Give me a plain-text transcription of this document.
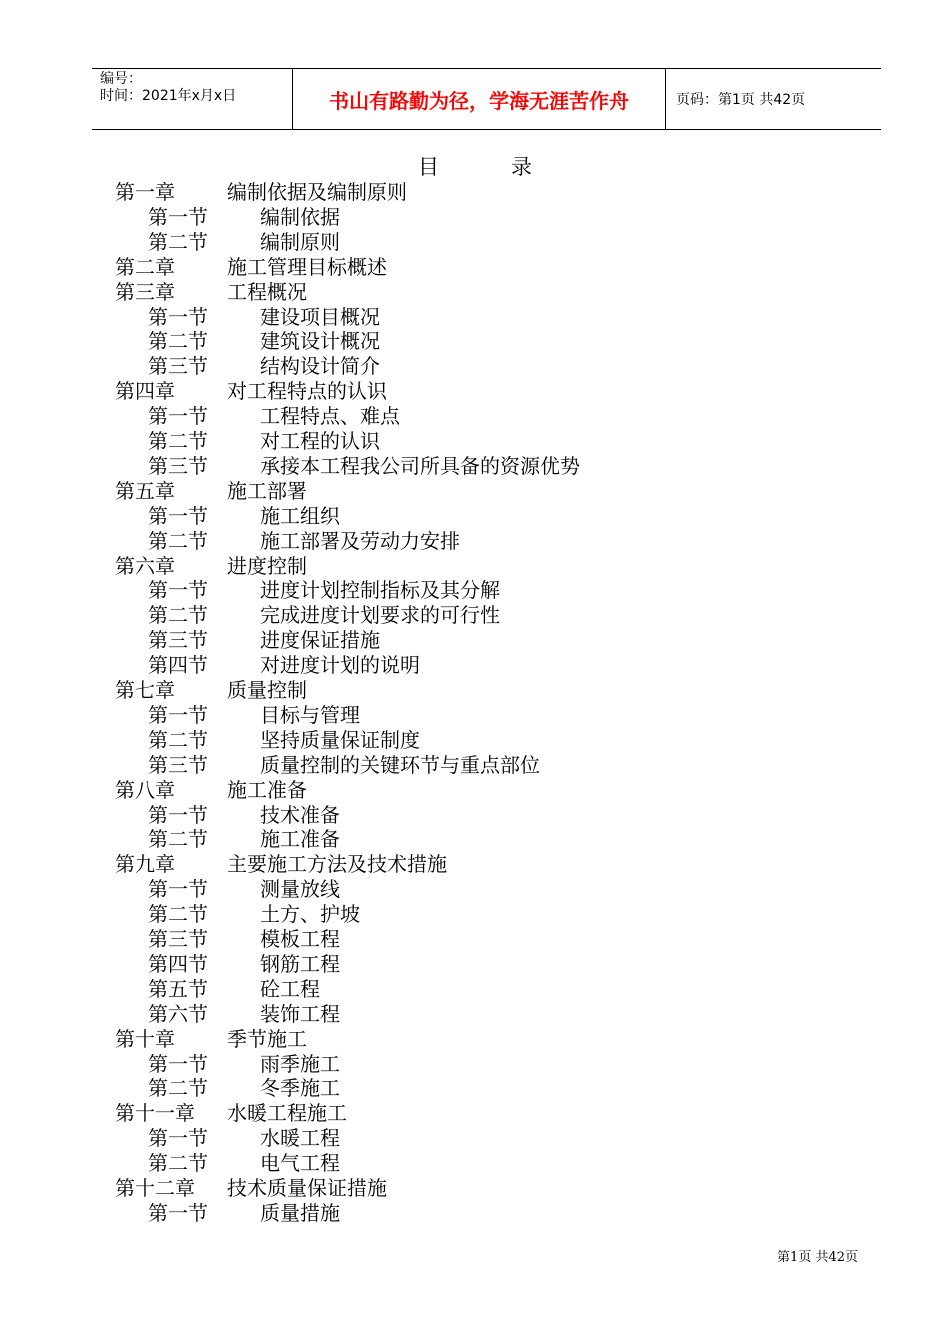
编号：
时间：2021年x月x日	书山有路勤为径，学海无涯苦作舟	页码：第1页 共42页
目录
第一章	编制依据及编制原则
第一节	编制依据
第二节	编制原则
第二章	施工管理目标概述
第三章	工程概况
第一节	建设项目概况
第二节	建筑设计概况
第三节	结构设计简介
第四章	对工程特点的认识
第一节	工程特点、难点
第二节	对工程的认识
第三节	承接本工程我公司所具备的资源优势
第五章	施工部署
第一节	施工组织
第二节	施工部署及劳动力安排
第六章	进度控制
第一节	进度计划控制指标及其分解
第二节	完成进度计划要求的可行性
第三节	进度保证措施
第四节	对进度计划的说明
第七章	质量控制
第一节	目标与管理
第二节	坚持质量保证制度
第三节	质量控制的关键环节与重点部位
第八章	施工准备
第一节	技术准备
第二节	施工准备
第九章	主要施工方法及技术措施
第一节	测量放线
第二节	土方、护坡
第三节	模板工程
第四节	钢筋工程
第五节	砼工程
第六节	装饰工程
第十章	季节施工
第一节	雨季施工
第二节	冬季施工
第十一章 水暖工程施工
第一节	水暖工程
第二节	电气工程
第十二章 技术质量保证措施
第一节	质量措施
第1页 共42页
